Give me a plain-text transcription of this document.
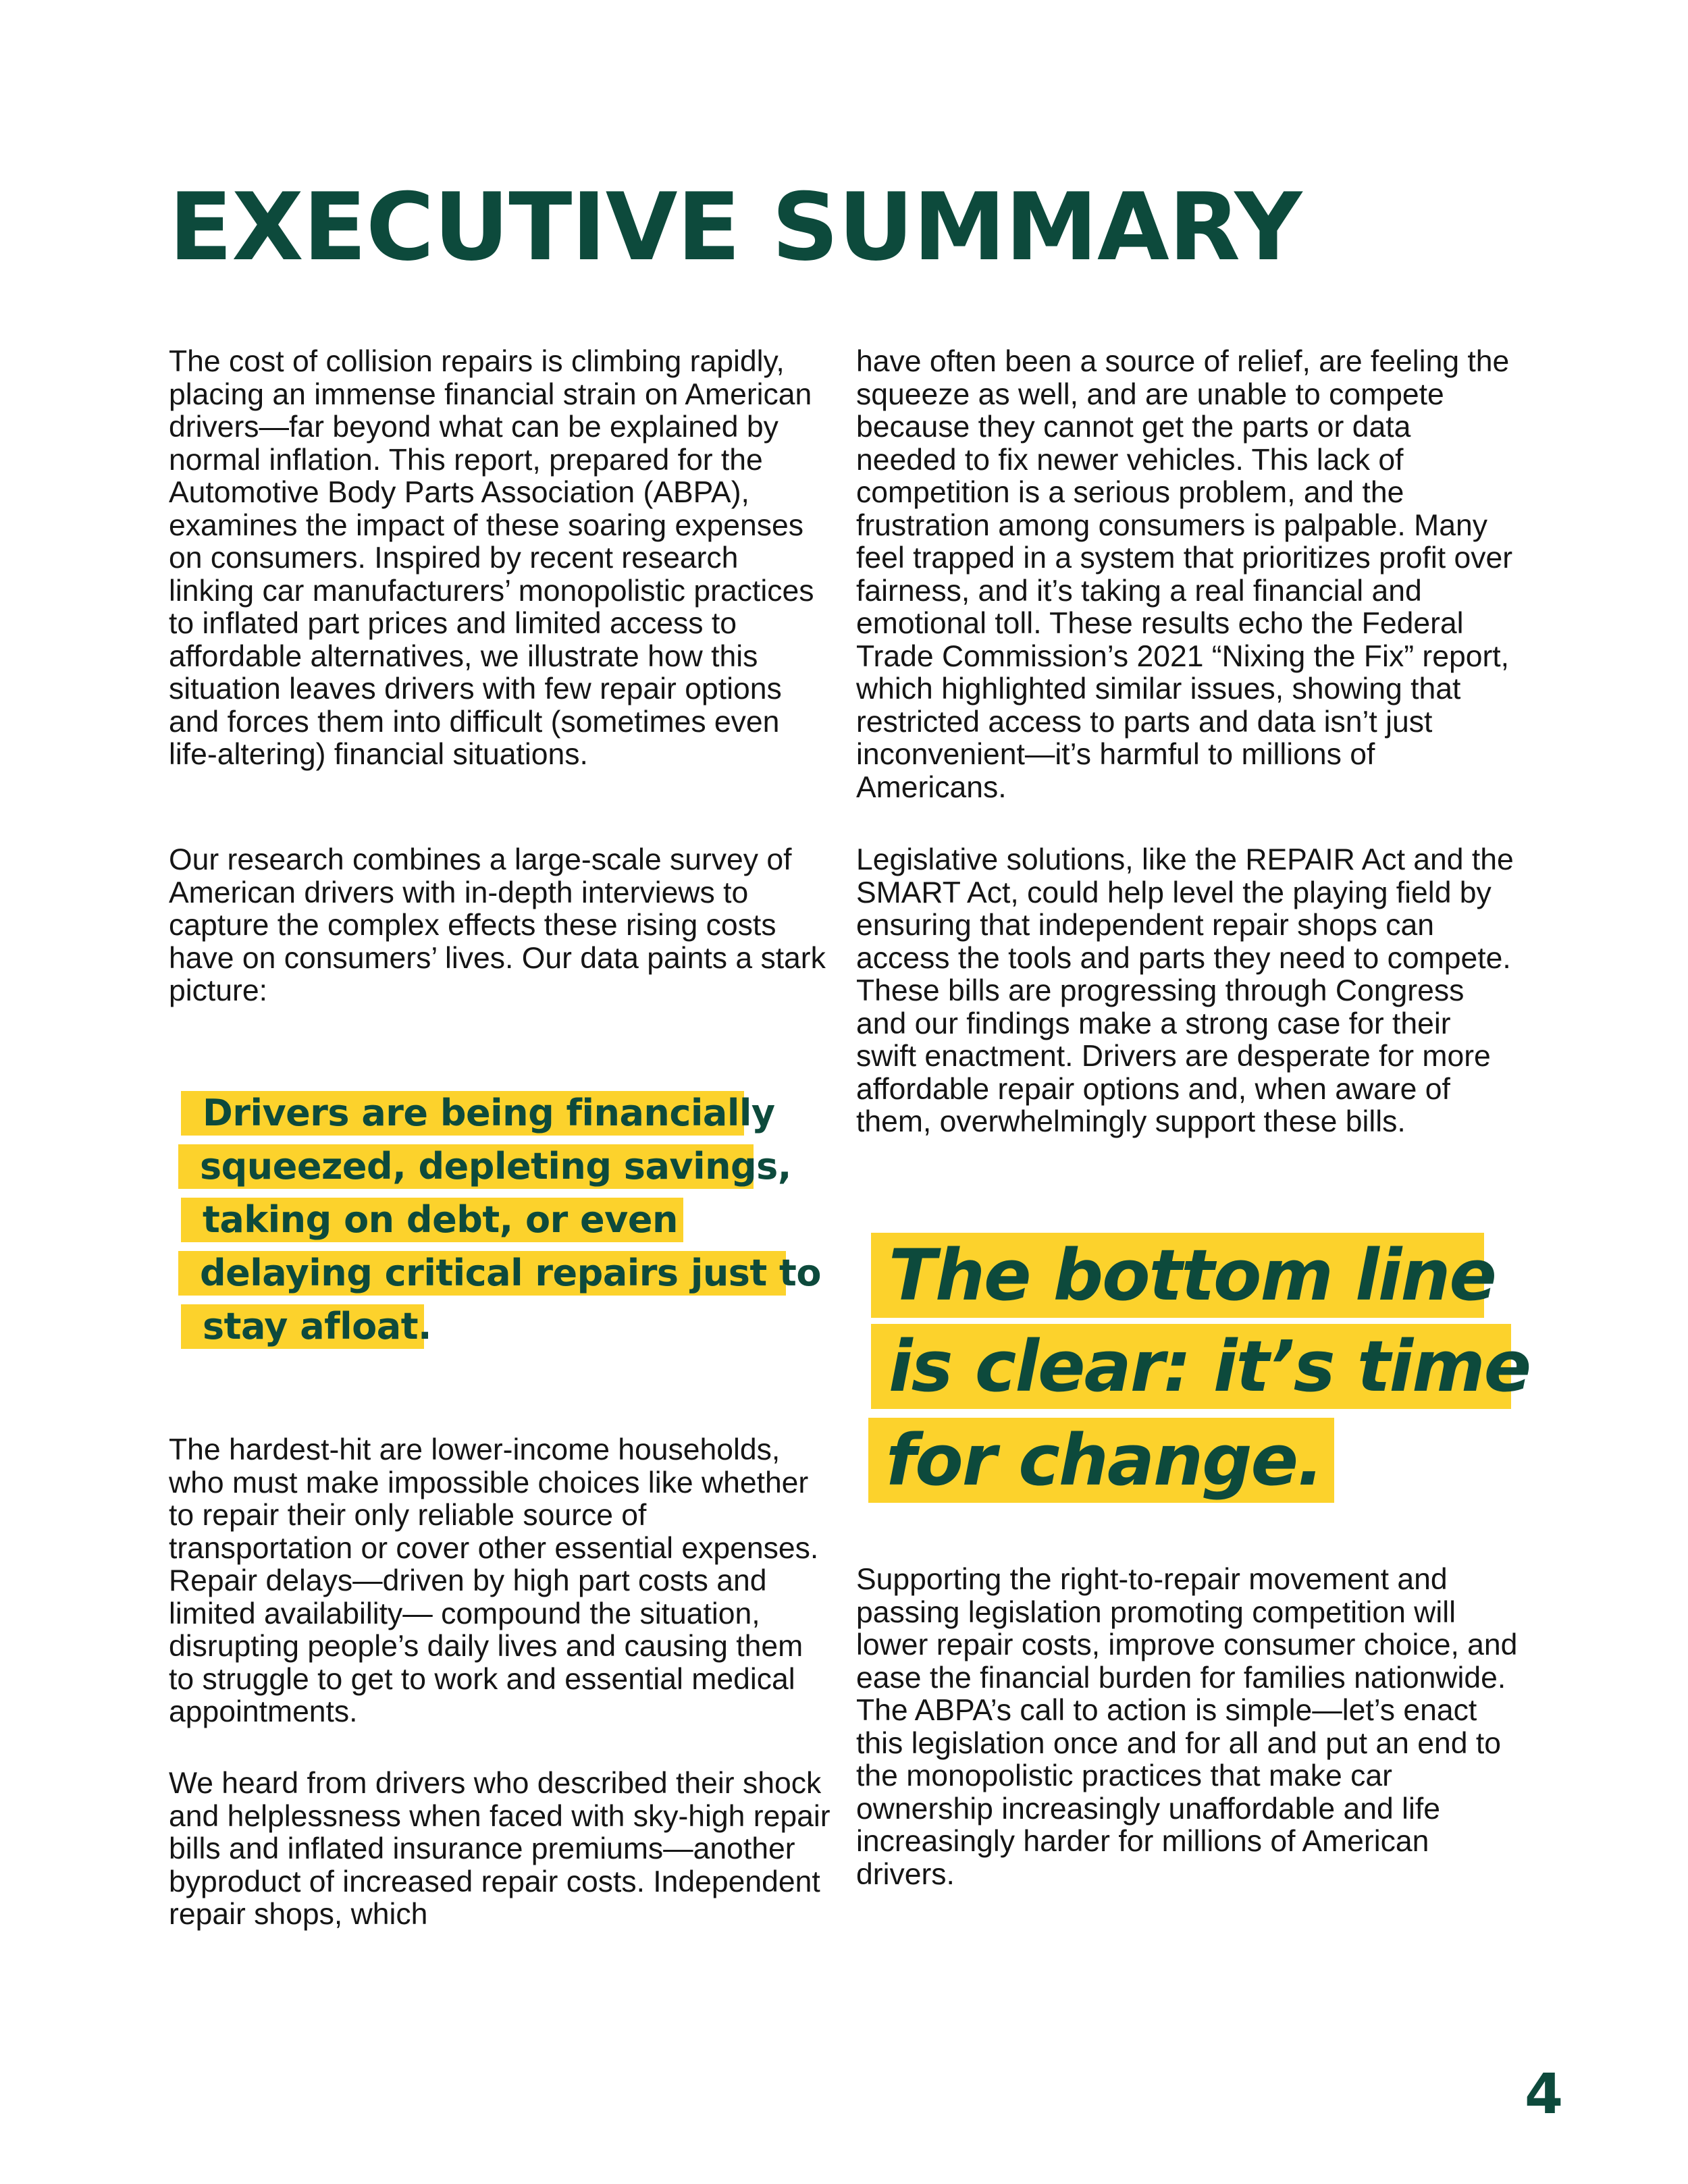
EXECUTIVE SUMMARY

The cost of collision repairs is climbing rapidly, placing an immense financial strain on American drivers—far beyond what can be explained by normal inflation. This report, prepared for the Automotive Body Parts Association (ABPA), examines the impact of these soaring expenses on consumers. Inspired by recent research linking car manufacturers’ monopolistic practices to inflated part prices and limited access to affordable alternatives, we illustrate how this situation leaves drivers with few repair options and forces them into difficult (sometimes even life-altering) financial situations.

Our research combines a large-scale survey of American drivers with in-depth interviews to capture the complex effects these rising costs have on consumers’ lives. Our data paints a stark picture:

Drivers are being financially
squeezed, depleting savings,
taking on debt, or even
delaying critical repairs just to
stay afloat.

The hardest-hit are lower-income households, who must make impossible choices like whether to repair their only reliable source of transportation or cover other essential expenses. Repair delays—driven by high part costs and limited availability— compound the situation, disrupting people’s daily lives and causing them to struggle to get to work and essential medical appointments.

We heard from drivers who described their shock and helplessness when faced with sky-high repair bills and inflated insurance premiums—another byproduct of increased repair costs. Independent repair shops, which

have often been a source of relief, are feeling the squeeze as well, and are unable to compete because they cannot get the parts or data needed to fix newer vehicles. This lack of competition is a serious problem, and the frustration among consumers is palpable. Many feel trapped in a system that prioritizes profit over fairness, and it’s taking a real financial and emotional toll. These results echo the Federal Trade Commission’s 2021 “Nixing the Fix” report, which highlighted similar issues, showing that restricted access to parts and data isn’t just inconvenient—it’s harmful to millions of Americans.

Legislative solutions, like the REPAIR Act and the SMART Act, could help level the playing field by ensuring that independent repair shops can access the tools and parts they need to compete. These bills are progressing through Congress and our findings make a strong case for their swift enactment. Drivers are desperate for more affordable repair options and, when aware of them, overwhelmingly support these bills.

The bottom line
is clear: it’s time
for change.

Supporting the right-to-repair movement and passing legislation promoting competition will lower repair costs, improve consumer choice, and ease the financial burden for families nationwide. The ABPA’s call to action is simple—let’s enact this legislation once and for all and put an end to the monopolistic practices that make car ownership increasingly unaffordable and life increasingly harder for millions of American drivers.

4
